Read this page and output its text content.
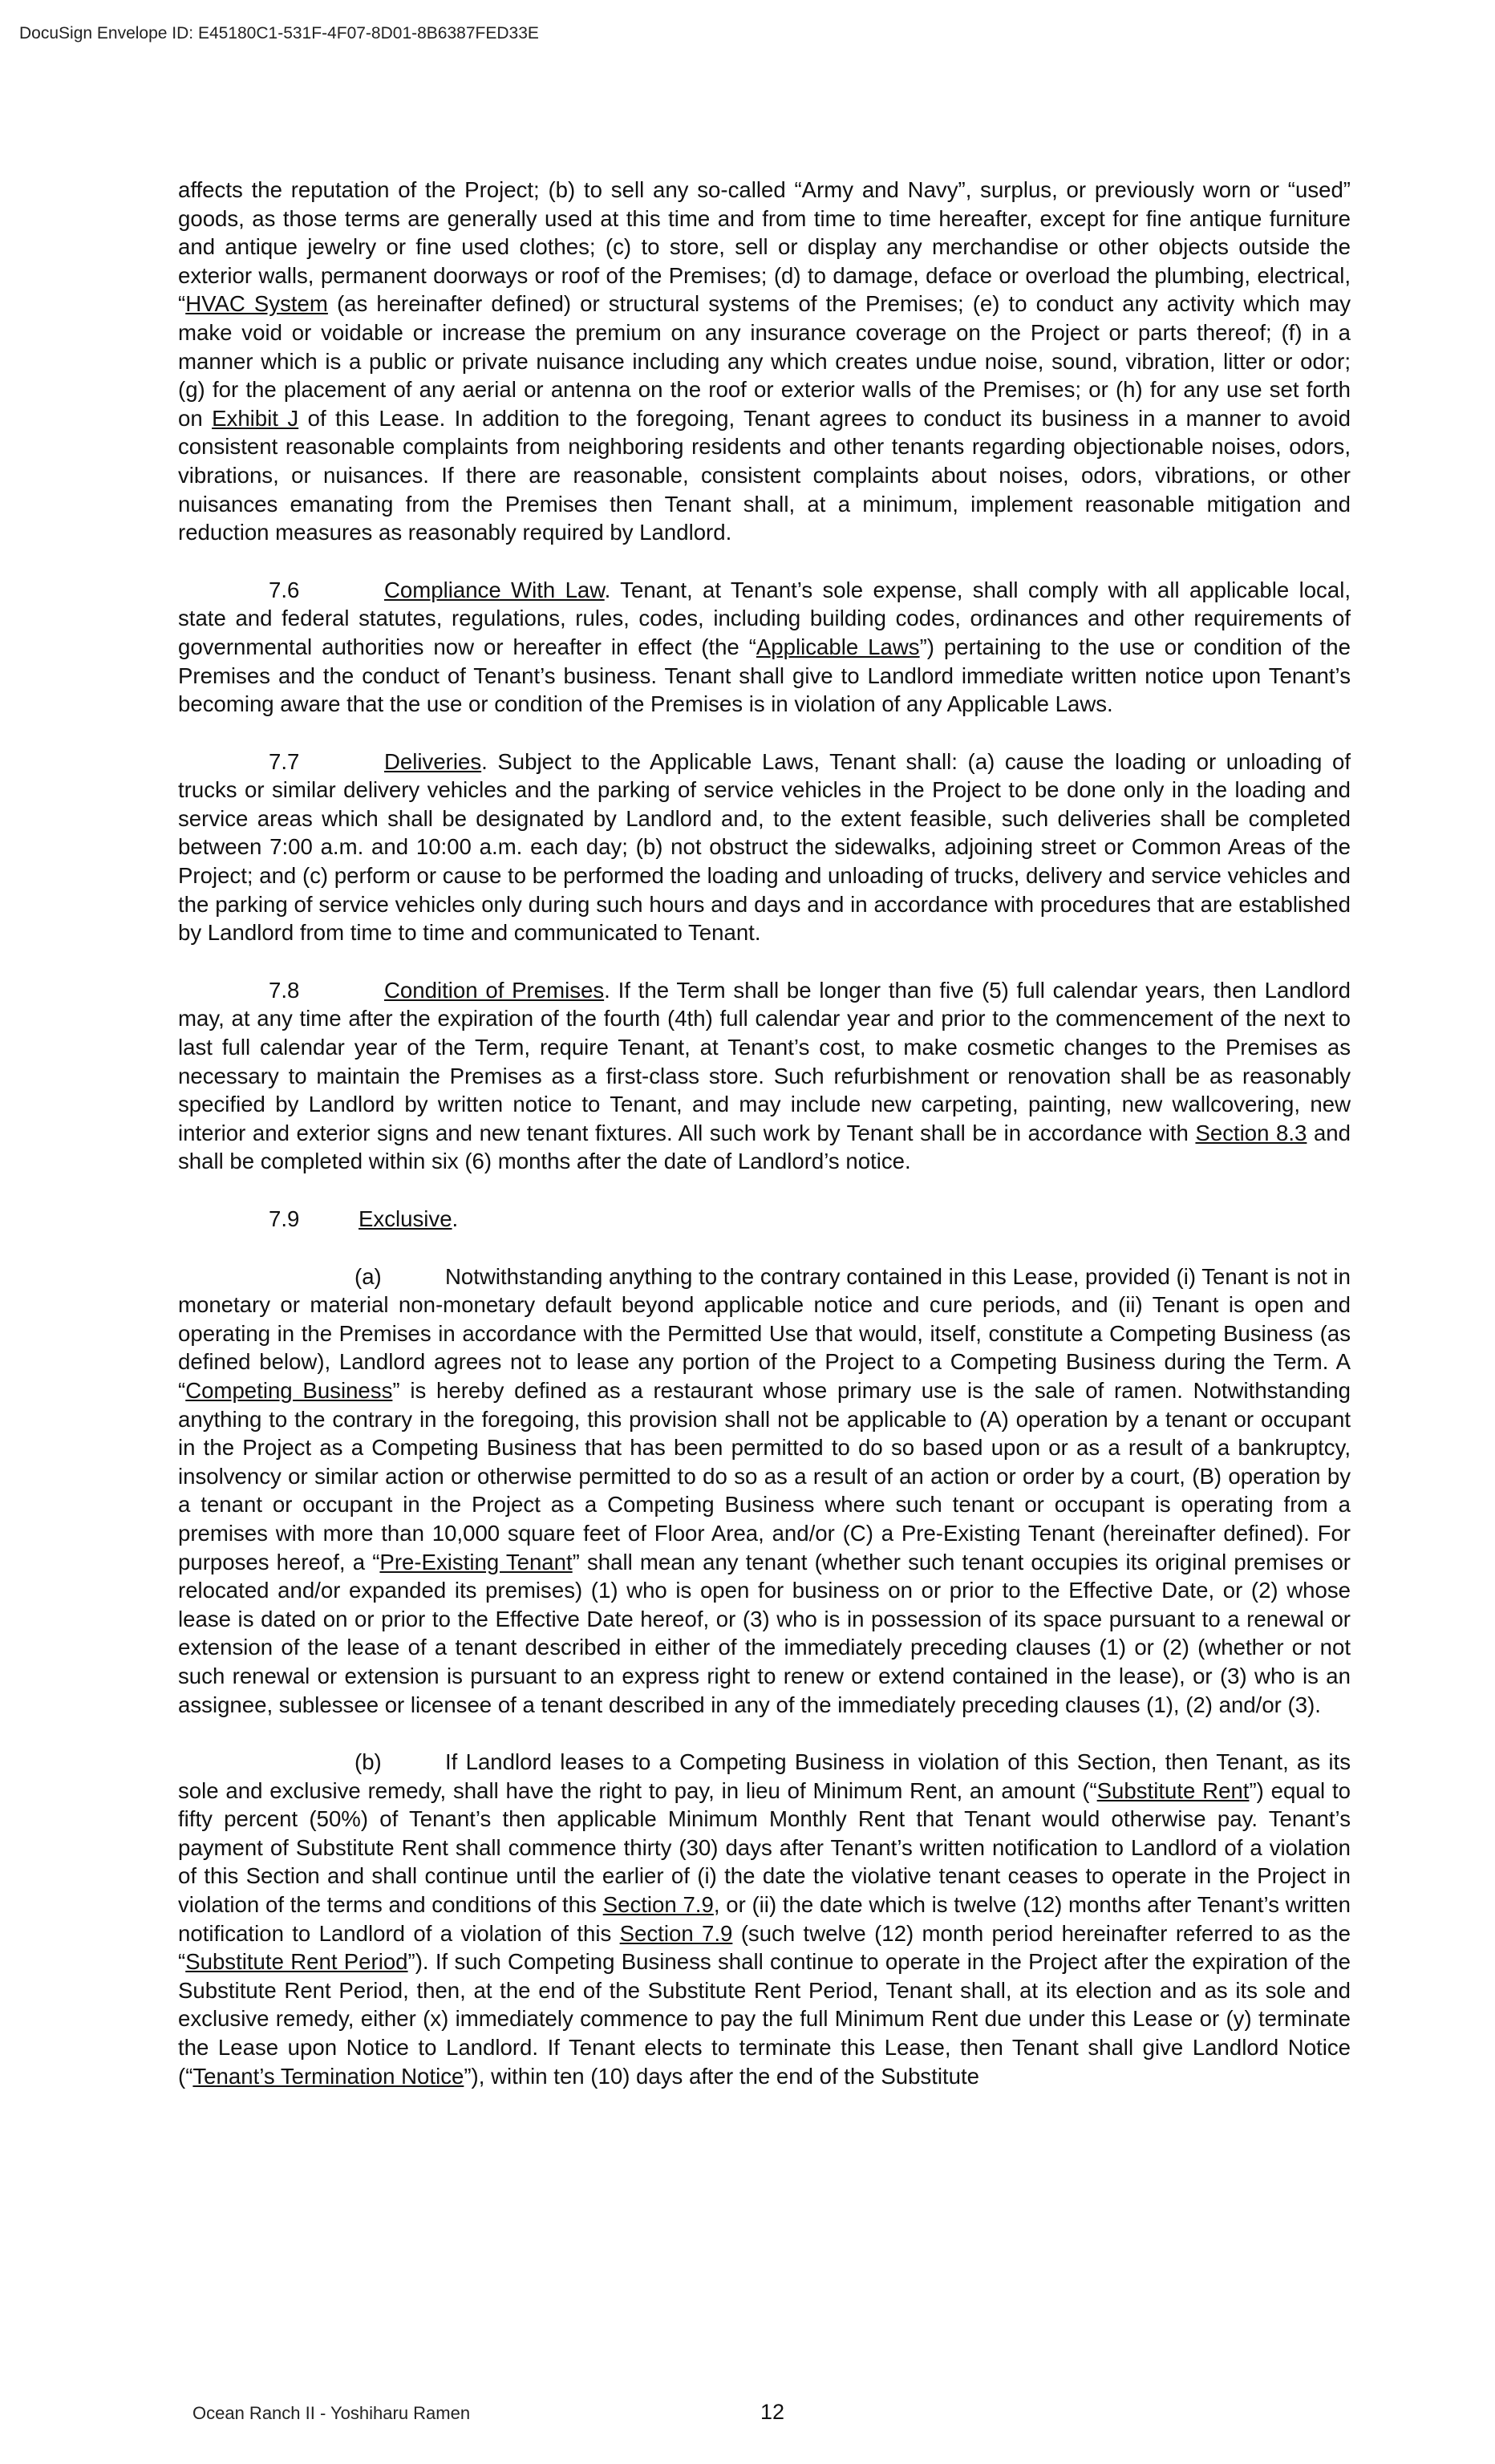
DocuSign Envelope ID: E45180C1-531F-4F07-8D01-8B6387FED33E

affects the reputation of the Project; (b) to sell any so-called “Army and Navy”, surplus, or previously worn or “used” goods, as those terms are generally used at this time and from time to time hereafter, except for fine antique furniture and antique jewelry or fine used clothes; (c) to store, sell or display any merchandise or other objects outside the exterior walls, permanent doorways or roof of the Premises; (d) to damage, deface or overload the plumbing, electrical, “HVAC System (as hereinafter defined) or structural systems of the Premises; (e) to conduct any activity which may make void or voidable or increase the premium on any insurance coverage on the Project or parts thereof; (f) in a manner which is a public or private nuisance including any which creates undue noise, sound, vibration, litter or odor; (g) for the placement of any aerial or antenna on the roof or exterior walls of the Premises; or (h) for any use set forth on Exhibit J of this Lease. In addition to the foregoing, Tenant agrees to conduct its business in a manner to avoid consistent reasonable complaints from neighboring residents and other tenants regarding objectionable noises, odors, vibrations, or nuisances. If there are reasonable, consistent complaints about noises, odors, vibrations, or other nuisances emanating from the Premises then Tenant shall, at a minimum, implement reasonable mitigation and reduction measures as reasonably required by Landlord.

7.6	Compliance With Law. Tenant, at Tenant’s sole expense, shall comply with all applicable local, state and federal statutes, regulations, rules, codes, including building codes, ordinances and other requirements of governmental authorities now or hereafter in effect (the “Applicable Laws”) pertaining to the use or condition of the Premises and the conduct of Tenant’s business. Tenant shall give to Landlord immediate written notice upon Tenant’s becoming aware that the use or condition of the Premises is in violation of any Applicable Laws.

7.7	Deliveries. Subject to the Applicable Laws, Tenant shall: (a) cause the loading or unloading of trucks or similar delivery vehicles and the parking of service vehicles in the Project to be done only in the loading and service areas which shall be designated by Landlord and, to the extent feasible, such deliveries shall be completed between 7:00 a.m. and 10:00 a.m. each day; (b) not obstruct the sidewalks, adjoining street or Common Areas of the Project; and (c) perform or cause to be performed the loading and unloading of trucks, delivery and service vehicles and the parking of service vehicles only during such hours and days and in accordance with procedures that are established by Landlord from time to time and communicated to Tenant.

7.8	Condition of Premises. If the Term shall be longer than five (5) full calendar years, then Landlord may, at any time after the expiration of the fourth (4th) full calendar year and prior to the commencement of the next to last full calendar year of the Term, require Tenant, at Tenant’s cost, to make cosmetic changes to the Premises as necessary to maintain the Premises as a first-class store. Such refurbishment or renovation shall be as reasonably specified by Landlord by written notice to Tenant, and may include new carpeting, painting, new wallcovering, new interior and exterior signs and new tenant fixtures. All such work by Tenant shall be in accordance with Section 8.3 and shall be completed within six (6) months after the date of Landlord’s notice.

7.9	Exclusive.

(a)	Notwithstanding anything to the contrary contained in this Lease, provided (i) Tenant is not in monetary or material non-monetary default beyond applicable notice and cure periods, and (ii) Tenant is open and operating in the Premises in accordance with the Permitted Use that would, itself, constitute a Competing Business (as defined below), Landlord agrees not to lease any portion of the Project to a Competing Business during the Term. A “Competing Business” is hereby defined as a restaurant whose primary use is the sale of ramen. Notwithstanding anything to the contrary in the foregoing, this provision shall not be applicable to (A) operation by a tenant or occupant in the Project as a Competing Business that has been permitted to do so based upon or as a result of a bankruptcy, insolvency or similar action or otherwise permitted to do so as a result of an action or order by a court, (B) operation by a tenant or occupant in the Project as a Competing Business where such tenant or occupant is operating from a premises with more than 10,000 square feet of Floor Area, and/or (C) a Pre-Existing Tenant (hereinafter defined). For purposes hereof, a “Pre-Existing Tenant” shall mean any tenant (whether such tenant occupies its original premises or relocated and/or expanded its premises) (1) who is open for business on or prior to the Effective Date, or (2) whose lease is dated on or prior to the Effective Date hereof, or (3) who is in possession of its space pursuant to a renewal or extension of the lease of a tenant described in either of the immediately preceding clauses (1) or (2) (whether or not such renewal or extension is pursuant to an express right to renew or extend contained in the lease), or (3) who is an assignee, sublessee or licensee of a tenant described in any of the immediately preceding clauses (1), (2) and/or (3).

(b)	If Landlord leases to a Competing Business in violation of this Section, then Tenant, as its sole and exclusive remedy, shall have the right to pay, in lieu of Minimum Rent, an amount (“Substitute Rent”) equal to fifty percent (50%) of Tenant’s then applicable Minimum Monthly Rent that Tenant would otherwise pay. Tenant’s payment of Substitute Rent shall commence thirty (30) days after Tenant’s written notification to Landlord of a violation of this Section and shall continue until the earlier of (i) the date the violative tenant ceases to operate in the Project in violation of the terms and conditions of this Section 7.9, or (ii) the date which is twelve (12) months after Tenant’s written notification to Landlord of a violation of this Section 7.9 (such twelve (12) month period hereinafter referred to as the “Substitute Rent Period”). If such Competing Business shall continue to operate in the Project after the expiration of the Substitute Rent Period, then, at the end of the Substitute Rent Period, Tenant shall, at its election and as its sole and exclusive remedy, either (x) immediately commence to pay the full Minimum Rent due under this Lease or (y) terminate the Lease upon Notice to Landlord. If Tenant elects to terminate this Lease, then Tenant shall give Landlord Notice (“Tenant’s Termination Notice”), within ten (10) days after the end of the Substitute

Ocean Ranch II - Yoshiharu Ramen	12
